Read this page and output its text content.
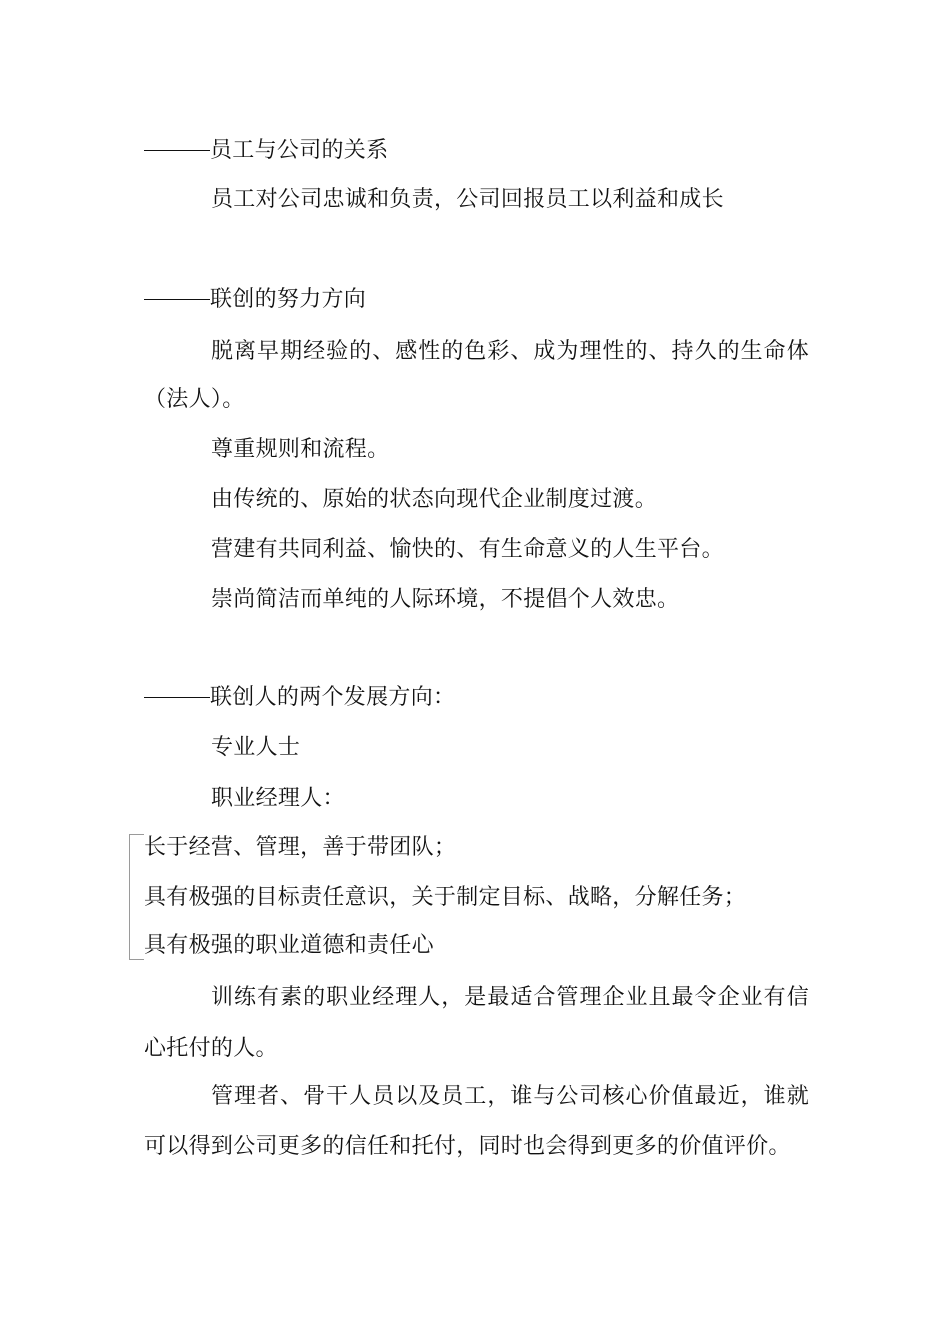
员工与公司的关系
员工对公司忠诚和负责，公司回报员工以利益和成长
联创的努力方向
脱离早期经验的、感性的色彩、成为理性的、持久的生命体
（法人）。
尊重规则和流程。
由传统的、原始的状态向现代企业制度过渡。
营建有共同利益、愉快的、有生命意义的人生平台。
崇尚简洁而单纯的人际环境，不提倡个人效忠。
联创人的两个发展方向：
专业人士
职业经理人：
长于经营、管理，善于带团队；
具有极强的目标责任意识，关于制定目标、战略，分解任务；
具有极强的职业道德和责任心
训练有素的职业经理人，是最适合管理企业且最令企业有信
心托付的人。
管理者、骨干人员以及员工，谁与公司核心价值最近，谁就
可以得到公司更多的信任和托付，同时也会得到更多的价值评价。
